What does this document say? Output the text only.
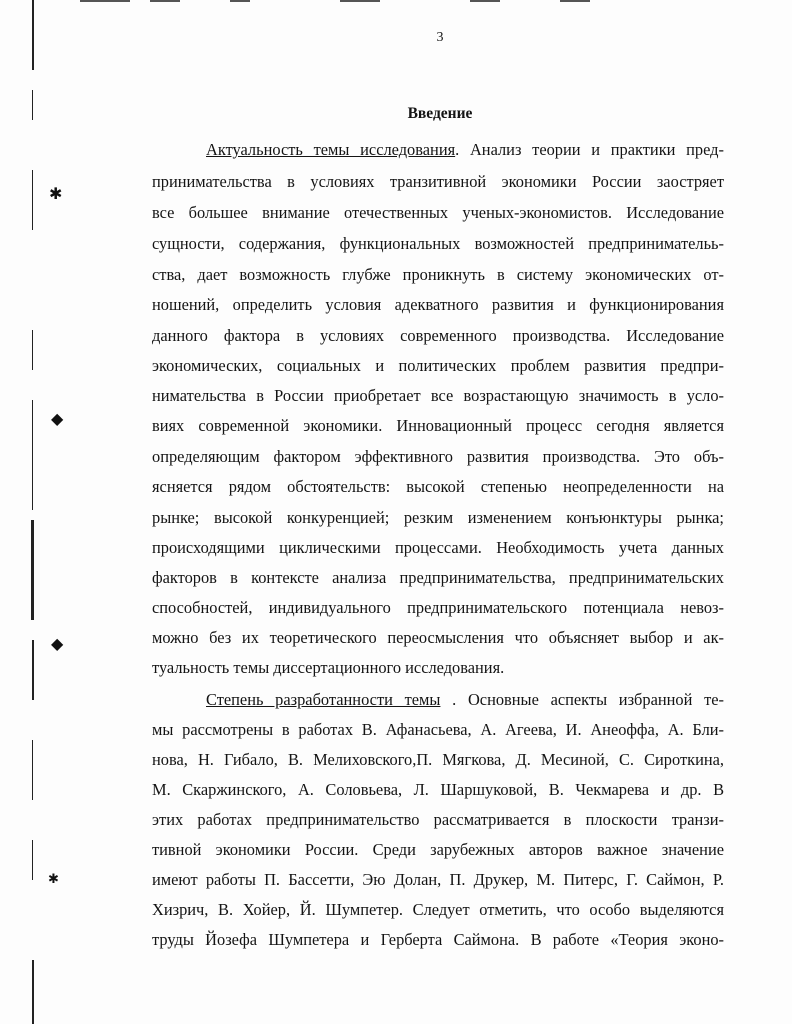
✱
◆
◆
✱
3
Введение
Актуальность темы исследования. Анализ теории и практики пред-
принимательства в условиях транзитивной экономики России заостряет
все большее внимание отечественных ученых-экономистов. Исследование
сущности, содержания, функциональных возможностей предпринимательь-
ства, дает возможность глубже проникнуть в систему экономических от-
ношений, определить условия адекватного развития и функционирования
данного фактора в условиях современного производства. Исследование
экономических, социальных и политических проблем развития предпри-
нимательства в России приобретает все возрастающую значимость в усло-
виях современной экономики. Инновационный процесс сегодня является
определяющим фактором эффективного развития производства. Это объ-
ясняется рядом обстоятельств: высокой степенью неопределенности на
рынке; высокой конкуренцией; резким изменением конъюнктуры рынка;
происходящими циклическими процессами. Необходимость учета данных
факторов в контексте анализа предпринимательства, предпринимательских
способностей, индивидуального предпринимательского потенциала невоз-
можно без их теоретического переосмысления что объясняет выбор и ак-
туальность темы диссертационного исследования.
Степень разработанности темы . Основные аспекты избранной те-
мы рассмотрены в работах В. Афанасьева, А. Агеева, И. Анеоффа, А. Бли-
нова, Н. Гибало, В. Мелиховского,П. Мягкова, Д. Месиной, С. Сироткина,
М. Скаржинского, А. Соловьева, Л. Шаршуковой, В. Чекмарева и др. В
этих работах предпринимательство рассматривается в плоскости транзи-
тивной экономики России. Среди зарубежных авторов важное значение
имеют работы П. Бассетти, Эю Долан, П. Друкер, М. Питерс, Г. Саймон, Р.
Хизрич, В. Хойер, Й. Шумпетер. Следует отметить, что особо выделяются
труды Йозефа Шумпетера и Герберта Саймона. В работе «Теория эконо-
